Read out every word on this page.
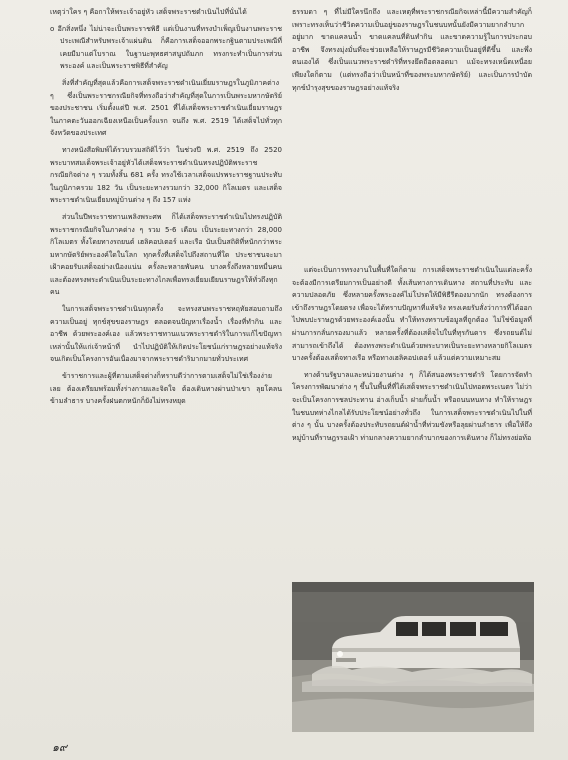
เหตุว่าใคร ๆ คือกาให้พระเจ้าอยู่หัว เสด็จพระราชดำเนินไปที่นั่นได้

o อีกสิ่งหนึ่ง ไม่น่าจะเป็นพระราชพิธี แต่เป็นงานที่ทรงบำเพ็ญเป็นงานพระราชประเพณีสำหรับพระเจ้าแผ่นดิน ก็คือการเสด็จออกพระกฐินตามประเพณีที่เคยมีมาแต่โบราณ ในฐานะพุทธศาสนูปถัมภก ทรงกระทำเป็นการส่วนพระองค์ และเป็นพระราชพิธีที่สำคัญ

สิ่งที่สำคัญที่สุดแล้วคือการเสด็จพระราชดำเนินเยี่ยมราษฎรในภูมิภาคต่าง ๆ ซึ่งเป็นพระราชกรณียกิจที่ทรงถือว่าสำคัญที่สุดในการเป็นพระมหากษัตริย์ของประชาชน เริ่มตั้งแต่ปี พ.ศ. 2501 ที่ได้เสด็จพระราชดำเนินเยี่ยมราษฎรในภาคตะวันออกเฉียงเหนือเป็นครั้งแรก จนถึง พ.ศ. 2519 ได้เสด็จไปทั่วทุกจังหวัดของประเทศ

ทางหนังสือพิมพ์ได้รวบรวมสถิติไว้ว่า ในช่วงปี พ.ศ. 2519 ถึง 2520 พระบาทสมเด็จพระเจ้าอยู่หัวได้เสด็จพระราชดำเนินทรงปฏิบัติพระราชกรณียกิจต่าง ๆ รวมทั้งสิ้น 681 ครั้ง ทรงใช้เวลาเสด็จแปรพระราชฐานประทับในภูมิภาครวม 182 วัน เป็นระยะทางรวมกว่า 32,000 กิโลเมตร และเสด็จพระราชดำเนินเยี่ยมหมู่บ้านต่าง ๆ ถึง 157 แห่ง

ส่วนในปีพระราชทานเพลิงพระศพ ก็ได้เสด็จพระราชดำเนินไปทรงปฏิบัติพระราชกรณียกิจในภาคต่าง ๆ รวม 5-6 เดือน เป็นระยะทางกว่า 28,000 กิโลเมตร ทั้งโดยทางรถยนต์ เฮลิคอปเตอร์ และเรือ นับเป็นสถิติที่หนักกว่าพระมหากษัตริย์พระองค์ใดในโลก ทุกครั้งที่เสด็จไปถึงสถานที่ใด ประชาชนจะมาเฝ้าคอยรับเสด็จอย่างเนืองแน่น ครั้งละหลายพันคน บางครั้งถึงหลายหมื่นคน และต้องทรงพระดำเนินเป็นระยะทางไกลเพื่อทรงเยี่ยมเยียนราษฎรให้ทั่วถึงทุกคน

ในการเสด็จพระราชดำเนินทุกครั้ง จะทรงสนพระราชหฤทัยสอบถามถึงความเป็นอยู่ ทุกข์สุขของราษฎร ตลอดจนปัญหาเรื่องน้ำ เรื่องที่ทำกิน และอาชีพ ด้วยพระองค์เอง แล้วพระราชทานแนวพระราชดำริในการแก้ไขปัญหาเหล่านั้นให้แก่เจ้าหน้าที่ นำไปปฏิบัติให้เกิดประโยชน์แก่ราษฎรอย่างแท้จริง จนเกิดเป็นโครงการอันเนื่องมาจากพระราชดำริมากมายทั่วประเทศ

ข้าราชการและผู้ที่ตามเสด็จต่างก็ทราบดีว่าการตามเสด็จไม่ใช่เรื่องง่ายเลย ต้องเตรียมพร้อมทั้งร่างกายและจิตใจ ต้องเดินทางผ่านป่าเขา ลุยโคลน ข้ามลำธาร บางครั้งฝนตกหนักก็ยังไม่ทรงหยุด

ธรรมดา ๆ ที่ไม่มีใครนึกถึง และเหตุที่พระราชกรณียกิจเหล่านี้มีความสำคัญก็เพราะทรงเห็นว่าชีวิตความเป็นอยู่ของราษฎรในชนบทนั้นยังมีความยากลำบากอยู่มาก ขาดแคลนน้ำ ขาดแคลนที่ดินทำกิน และขาดความรู้ในการประกอบอาชีพ จึงทรงมุ่งมั่นที่จะช่วยเหลือให้ราษฎรมีชีวิตความเป็นอยู่ที่ดีขึ้น และพึ่งตนเองได้ ซึ่งเป็นแนวพระราชดำริที่ทรงยึดถือตลอดมา แม้จะทรงเหน็ดเหนื่อยเพียงใดก็ตาม (แต่ทรงถือว่าเป็นหน้าที่ของพระมหากษัตริย์) และเป็นการบำบัดทุกข์บำรุงสุขของราษฎรอย่างแท้จริง

แต่จะเป็นการทรงงานในพื้นที่ใดก็ตาม การเสด็จพระราชดำเนินในแต่ละครั้งจะต้องมีการเตรียมการเป็นอย่างดี ทั้งเส้นทางการเดินทาง สถานที่ประทับ และความปลอดภัย ซึ่งหลายครั้งพระองค์ไม่โปรดให้มีพิธีรีตองมากนัก ทรงต้องการเข้าถึงราษฎรโดยตรง เพื่อจะได้ทราบปัญหาที่แท้จริง ทรงเคยรับสั่งว่าการที่ได้ออกไปพบปะราษฎรด้วยพระองค์เองนั้น ทำให้ทรงทราบข้อมูลที่ถูกต้อง ไม่ใช่ข้อมูลที่ผ่านการกลั่นกรองมาแล้ว หลายครั้งที่ต้องเสด็จไปในที่ทุรกันดาร ซึ่งรถยนต์ไม่สามารถเข้าถึงได้ ต้องทรงพระดำเนินด้วยพระบาทเป็นระยะทางหลายกิโลเมตร บางครั้งต้องเสด็จทางเรือ หรือทางเฮลิคอปเตอร์ แล้วแต่ความเหมาะสม

ทางด้านรัฐบาลและหน่วยงานต่าง ๆ ก็ได้สนองพระราชดำริ โดยการจัดทำโครงการพัฒนาต่าง ๆ ขึ้นในพื้นที่ที่ได้เสด็จพระราชดำเนินไปทอดพระเนตร ไม่ว่าจะเป็นโครงการชลประทาน อ่างเก็บน้ำ ฝายกั้นน้ำ หรือถนนหนทาง ทำให้ราษฎรในชนบทห่างไกลได้รับประโยชน์อย่างทั่วถึง ในการเสด็จพระราชดำเนินไปในที่ต่าง ๆ นั้น บางครั้งต้องประทับรถยนต์ฝ่าน้ำที่ท่วมขังหรือลุยผ่านลำธาร เพื่อให้ถึงหมู่บ้านที่ราษฎรรอเฝ้า ท่ามกลางความยากลำบากของการเดินทาง ก็ไม่ทรงย่อท้อ

๑๙
